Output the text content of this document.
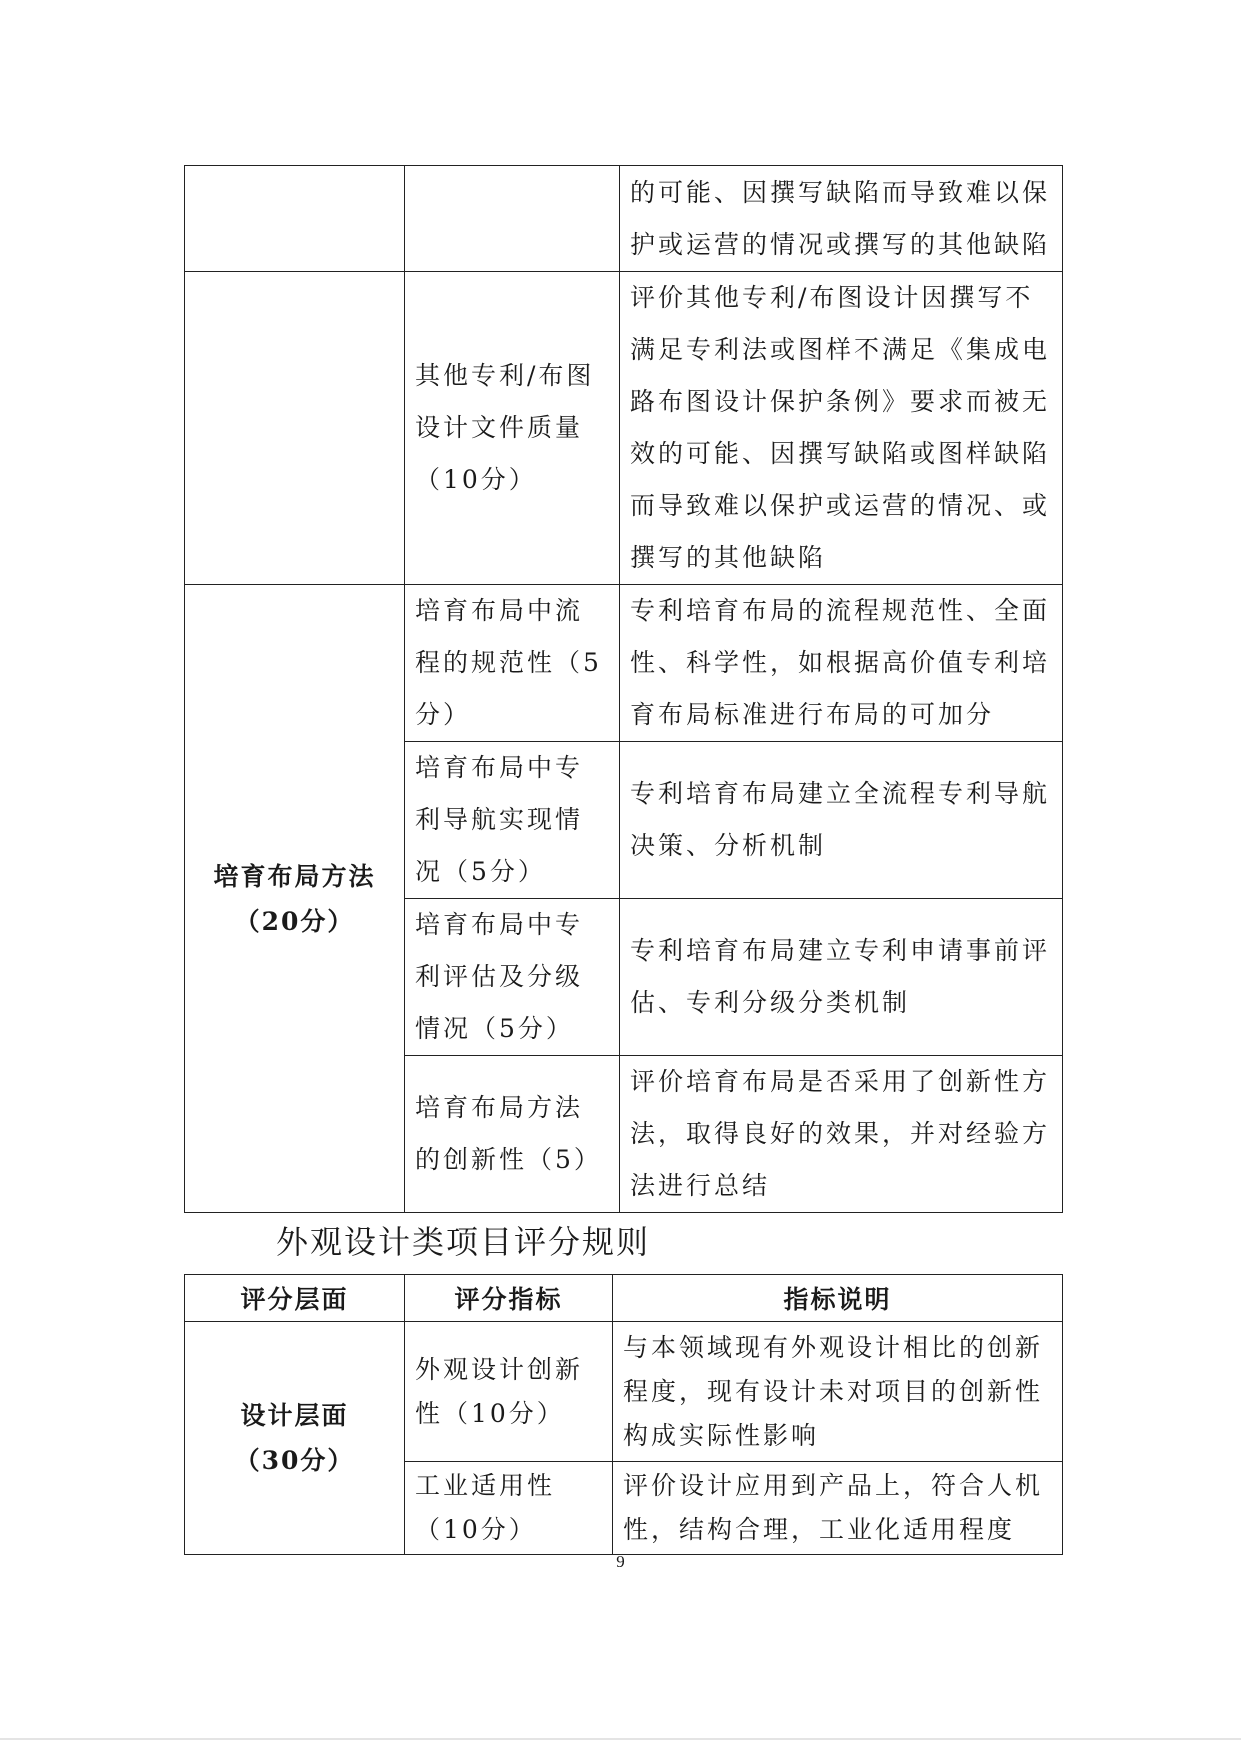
		的可能、因撰写缺陷而导致难以保护或运营的情况或撰写的其他缺陷
	其他专利/布图设计文件质量（10分）	评价其他专利/布图设计因撰写不满足专利法或图样不满足《集成电路布图设计保护条例》要求而被无效的可能、因撰写缺陷或图样缺陷而导致难以保护或运营的情况、或撰写的其他缺陷

培育布局方法
（20分）	培育布局中流程的规范性（5分）	专利培育布局的流程规范性、全面性、科学性，如根据高价值专利培育布局标准进行布局的可加分
	培育布局中专利导航实现情况（5分）	专利培育布局建立全流程专利导航决策、分析机制
	培育布局中专利评估及分级情况（5分）	专利培育布局建立专利申请事前评估、专利分级分类机制
	培育布局方法的创新性（5）	评价培育布局是否采用了创新性方法，取得良好的效果，并对经验方法进行总结
外观设计类项目评分规则
评分层面	评分指标	指标说明

设计层面
（30分）	外观设计创新性（10分）	与本领域现有外观设计相比的创新程度，现有设计未对项目的创新性构成实际性影响
	工业适用性（10分）	评价设计应用到产品上，符合人机性，结构合理，工业化适用程度
9
